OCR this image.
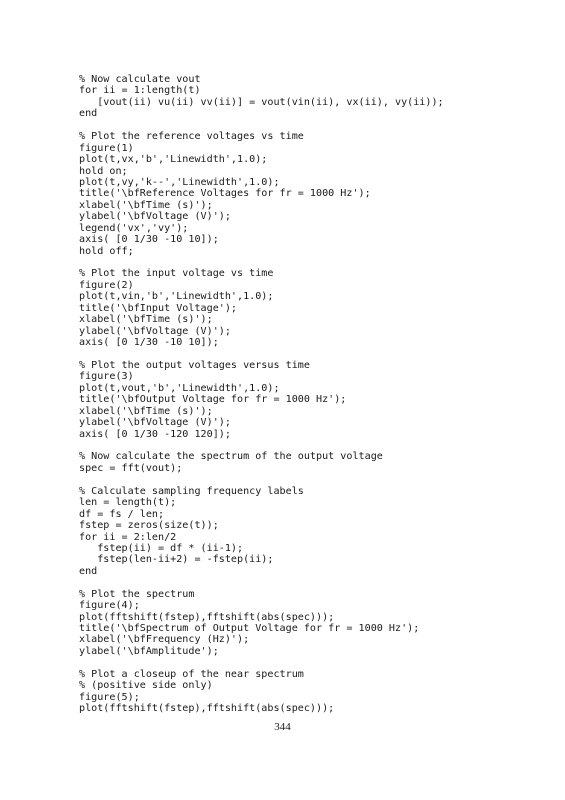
% Now calculate vout
for ii = 1:length(t)
[vout(ii) vu(ii) vv(ii)] = vout(vin(ii), vx(ii), vy(ii));
end
% Plot the reference voltages vs time
figure(1)
plot(t,vx,'b','Linewidth',1.0);
hold on;
plot(t,vy,'k--','Linewidth',1.0);
title('\bfReference Voltages for fr = 1000 Hz');
xlabel('\bfTime (s)');
ylabel('\bfVoltage (V)');
legend('vx','vy');
axis( [0 1/30 -10 10]);
hold off;
% Plot the input voltage vs time
figure(2)
plot(t,vin,'b','Linewidth',1.0);
title('\bfInput Voltage');
xlabel('\bfTime (s)');
ylabel('\bfVoltage (V)');
axis( [0 1/30 -10 10]);
% Plot the output voltages versus time
figure(3)
plot(t,vout,'b','Linewidth',1.0);
title('\bfOutput Voltage for fr = 1000 Hz');
xlabel('\bfTime (s)');
ylabel('\bfVoltage (V)');
axis( [0 1/30 -120 120]);
% Now calculate the spectrum of the output voltage
spec = fft(vout);
% Calculate sampling frequency labels
len = length(t);
df = fs / len;
fstep = zeros(size(t));
for ii = 2:len/2
fstep(ii) = df * (ii-1);
fstep(len-ii+2) = -fstep(ii);
end
% Plot the spectrum
figure(4);
plot(fftshift(fstep),fftshift(abs(spec)));
title('\bfSpectrum of Output Voltage for fr = 1000 Hz');
xlabel('\bfFrequency (Hz)');
ylabel('\bfAmplitude');
% Plot a closeup of the near spectrum
% (positive side only)
figure(5);
plot(fftshift(fstep),fftshift(abs(spec)));
344
